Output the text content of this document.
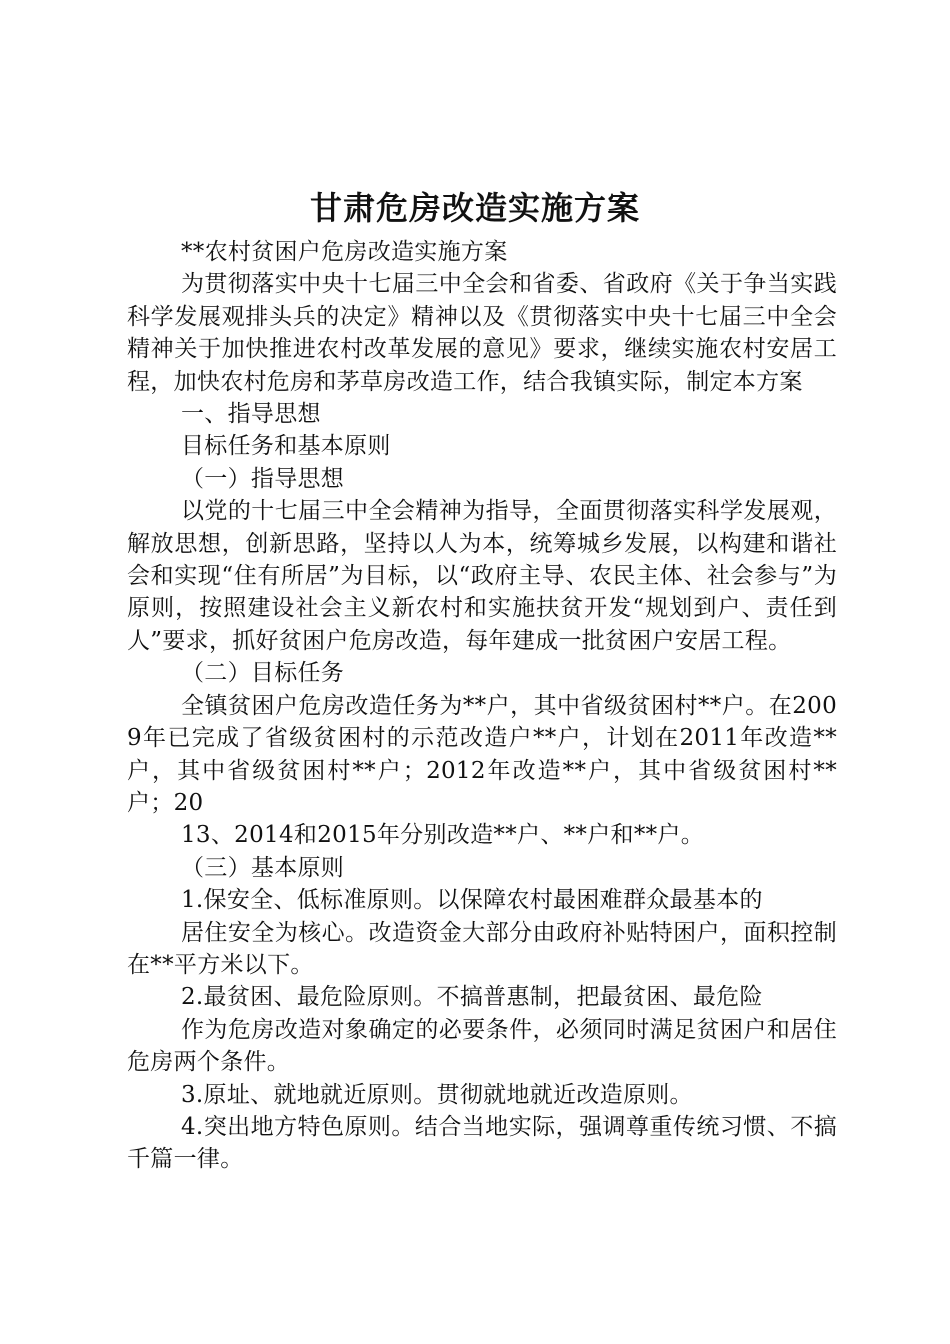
甘肃危房改造实施方案

**农村贫困户危房改造实施方案

为贯彻落实中央十七届三中全会和省委、省政府《关于争当实践科学发展观排头兵的决定》精神以及《贯彻落实中央十七届三中全会精神关于加快推进农村改革发展的意见》要求，继续实施农村安居工程，加快农村危房和茅草房改造工作，结合我镇实际，制定本方案

一、指导思想

目标任务和基本原则

（一）指导思想

以党的十七届三中全会精神为指导，全面贯彻落实科学发展观，解放思想，创新思路，坚持以人为本，统筹城乡发展，以构建和谐社会和实现“住有所居”为目标，以“政府主导、农民主体、社会参与”为原则，按照建设社会主义新农村和实施扶贫开发“规划到户、责任到人”要求，抓好贫困户危房改造，每年建成一批贫困户安居工程。

（二）目标任务

全镇贫困户危房改造任务为**户，其中省级贫困村**户。在2009年已完成了省级贫困村的示范改造户**户，计划在2011年改造**户，其中省级贫困村**户；2012年改造**户，其中省级贫困村**户；20

13、2014和2015年分别改造**户、**户和**户。

（三）基本原则

1.保安全、低标准原则。以保障农村最困难群众最基本的

居住安全为核心。改造资金大部分由政府补贴特困户，面积控制在**平方米以下。

2.最贫困、最危险原则。不搞普惠制，把最贫困、最危险

作为危房改造对象确定的必要条件，必须同时满足贫困户和居住危房两个条件。

3.原址、就地就近原则。贯彻就地就近改造原则。

4.突出地方特色原则。结合当地实际，强调尊重传统习惯、不搞千篇一律。
